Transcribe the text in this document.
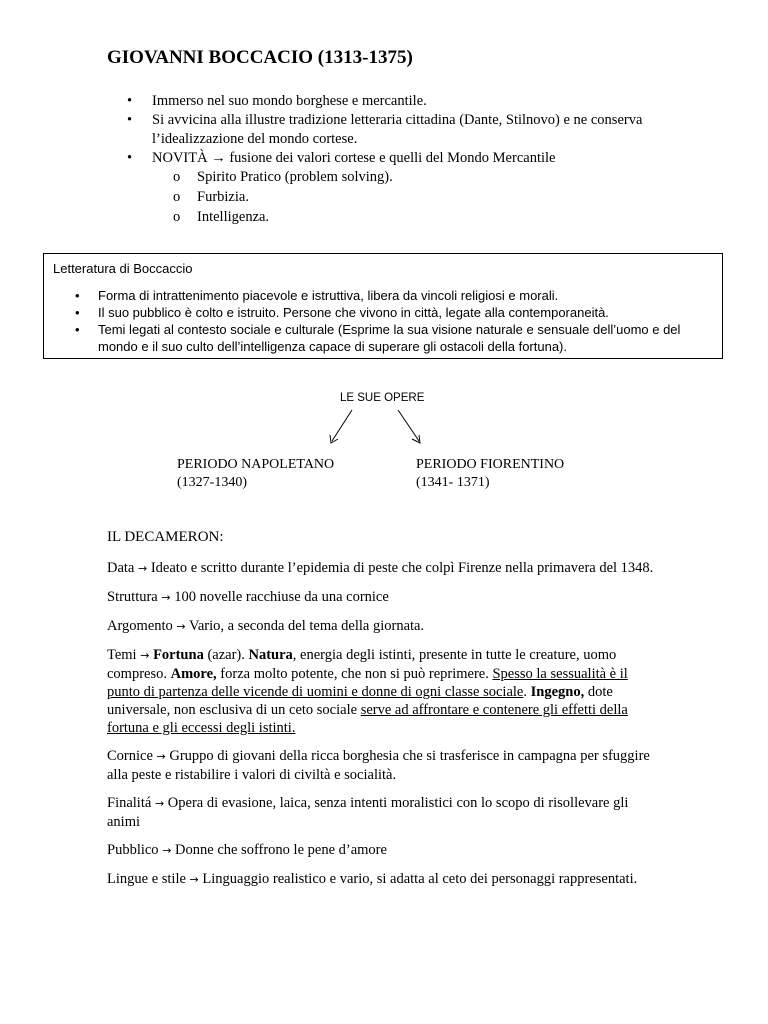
GIOVANNI BOCCACIO (1313-1375)
• Immerso nel suo mondo borghese e mercantile.
• Si avvicina alla illustre tradizione letteraria cittadina (Dante, Stilnovo) e ne conserva l’idealizzazione del mondo cortese.
• NOVITÀ → fusione dei valori cortese e quelli del Mondo Mercantile
o Spirito Pratico (problem solving).
o Furbizia.
o Intelligenza.
Letteratura di Boccaccio
• Forma di intrattenimento piacevole e istruttiva, libera da vincoli religiosi e morali.
• Il suo pubblico è colto e istruito. Persone che vivono in città, legate alla contemporaneità.
• Temi legati al contesto sociale e culturale (Esprime la sua visione naturale e sensuale dell’uomo e del mondo e il suo culto dell’intelligenza capace di superare gli ostacoli della fortuna).
LE SUE OPERE
PERIODO NAPOLETANO
(1327-1340)
PERIODO FIORENTINO
(1341- 1371)
IL DECAMERON:

Data → Ideato e scritto durante l’epidemia di peste che colpì Firenze nella primavera del 1348.

Struttura → 100 novelle racchiuse da una cornice

Argomento → Vario, a seconda del tema della giornata.

Temi → Fortuna (azar). Natura, energia degli istinti, presente in tutte le creature, uomo compreso. Amore, forza molto potente, che non si può reprimere. Spesso la sessualità è il punto di partenza delle vicende di uomini e donne di ogni classe sociale. Ingegno, dote universale, non esclusiva di un ceto sociale serve ad affrontare e contenere gli effetti della fortuna e gli eccessi degli istinti.

Cornice → Gruppo di giovani della ricca borghesia che si trasferisce in campagna per sfuggire alla peste e ristabilire i valori di civiltà e socialità.

Finalitá → Opera di evasione, laica, senza intenti moralistici con lo scopo di risollevare gli animi

Pubblico → Donne che soffrono le pene d’amore

Lingue e stile → Linguaggio realistico e vario, si adatta al ceto dei personaggi rappresentati.
